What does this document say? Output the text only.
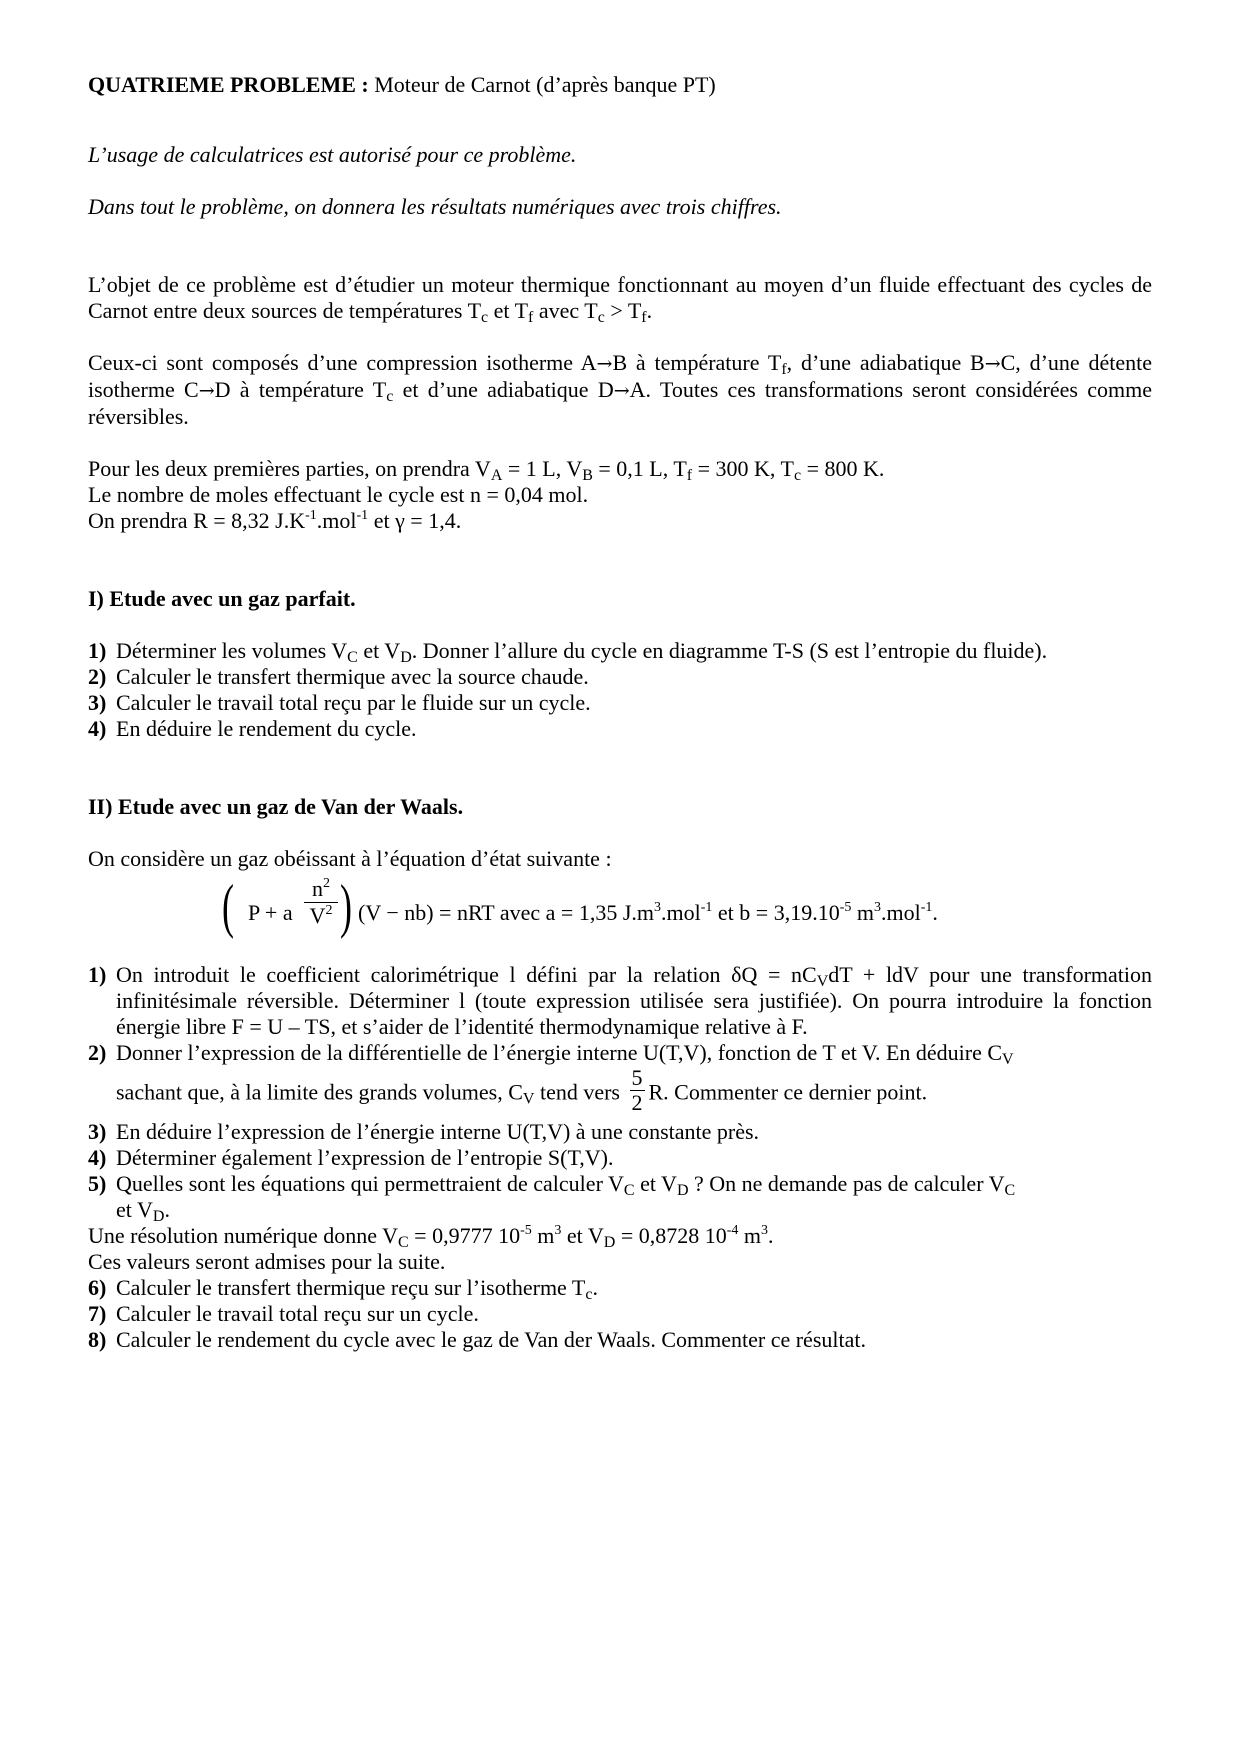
QUATRIEME PROBLEME : Moteur de Carnot (d’après banque PT)

L’usage de calculatrices est autorisé pour ce problème.

Dans tout le problème, on donnera les résultats numériques avec trois chiffres.

L’objet de ce problème est d’étudier un moteur thermique fonctionnant au moyen d’un fluide effectuant des cycles de Carnot entre deux sources de températures Tc et Tf avec Tc > Tf.

Ceux-ci sont composés d’une compression isotherme A→B à température Tf, d’une adiabatique B→C, d’une détente isotherme C→D à température Tc et d’une adiabatique D→A. Toutes ces transformations seront considérées comme réversibles.

Pour les deux premières parties, on prendra VA = 1 L, VB = 0,1 L, Tf = 300 K, Tc = 800 K.

Le nombre de moles effectuant le cycle est n = 0,04 mol.

On prendra R = 8,32 $J.K^{-1}.mol^{-1}$ et γ = 1,4.

I) Etude avec un gaz parfait.

1) Déterminer les volumes VC et VD. Donner l’allure du cycle en diagramme T-S (S est l’entropie du fluide).
2) Calculer le transfert thermique avec la source chaude.
3) Calculer le travail total reçu par le fluide sur un cycle.
4) En déduire le rendement du cycle.

II) Etude avec un gaz de Van der Waals.

On considère un gaz obéissant à l’équation d’état suivante :

( P + a $\frac{n^2}{V^2}$ ) (V − nb) = nRT avec a = 1,35 $J.m^3.mol^{-1}$ et $b = 3,19.10^{-5}$ $m^3.mol^{-1}$.
1) On introduit le coefficient calorimétrique l défini par la relation δQ = nCVdT + ldV pour une transformation infinitésimale réversible. Déterminer l (toute expression utilisée sera justifiée). On pourra introduire la fonction énergie libre F = U – TS, et s’aider de l’identité thermodynamique relative à F.
2) Donner l’expression de la différentielle de l’énergie interne U(T,V), fonction de T et V. En déduire CV
sachant que, à la limite des grands volumes, CV tend vers $\frac{5}{2} R$. Commenter ce dernier point.
3) En déduire l’expression de l’énergie interne U(T,V) à une constante près.
4) Déterminer également l’expression de l’entropie S(T,V).
5) Quelles sont les équations qui permettraient de calculer VC et VD ? On ne demande pas de calculer VC
et VD.

Une résolution numérique donne VC = 0,9777 $10^{-5}$ $m^3$ et VD = 0,8728 $10^{-4}$ $m^3$.

Ces valeurs seront admises pour la suite.

6) Calculer le transfert thermique reçu sur l’isotherme Tc.
7) Calculer le travail total reçu sur un cycle.
8) Calculer le rendement du cycle avec le gaz de Van der Waals. Commenter ce résultat.
